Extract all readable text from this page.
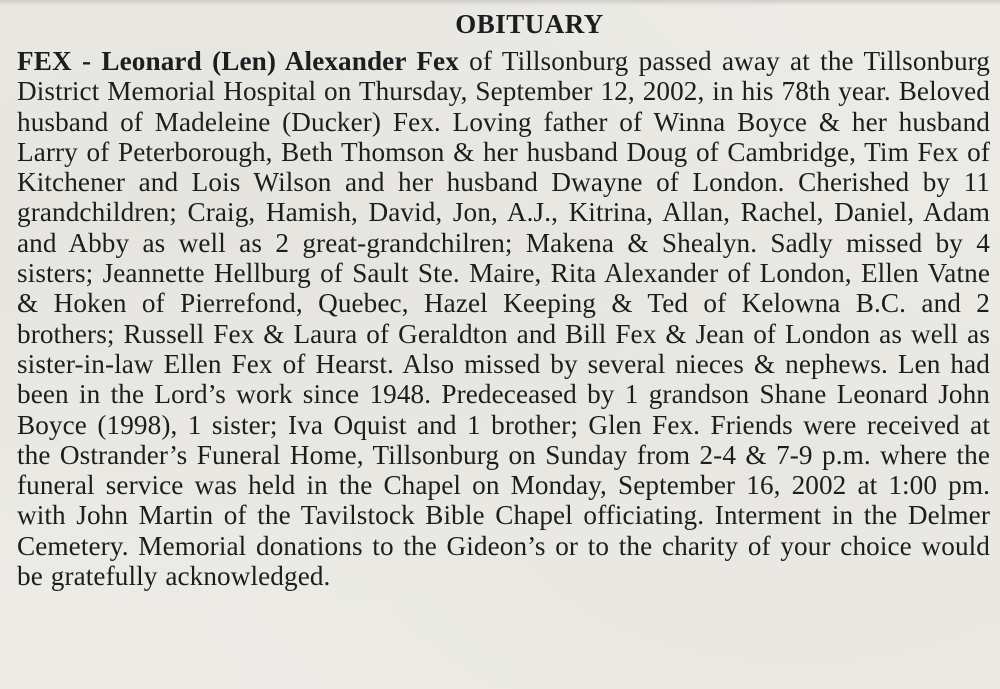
OBITUARY

FEX - Leonard (Len) Alexander Fex of Tillsonburg passed away at the Tillsonburg District Memorial Hospital on Thursday, September 12, 2002, in his 78th year. Beloved husband of Madeleine (Ducker) Fex. Loving father of Winna Boyce & her husband Larry of Peterborough, Beth Thomson & her husband Doug of Cambridge, Tim Fex of Kitchener and Lois Wilson and her husband Dwayne of London. Cherished by 11 grandchildren; Craig, Hamish, David, Jon, A.J., Kitrina, Allan, Rachel, Daniel, Adam and Abby as well as 2 great-grandchilren; Makena & Shealyn. Sadly missed by 4 sisters; Jeannette Hellburg of Sault Ste. Maire, Rita Alexander of London, Ellen Vatne & Hoken of Pierrefond, Quebec, Hazel Keeping & Ted of Kelowna B.C. and 2 brothers; Russell Fex & Laura of Geraldton and Bill Fex & Jean of London as well as sister-in-law Ellen Fex of Hearst. Also missed by several nieces & nephews. Len had been in the Lord’s work since 1948. Predeceased by 1 grandson Shane Leonard John Boyce (1998), 1 sister; Iva Oquist and 1 brother; Glen Fex. Friends were received at the Ostrander’s Funeral Home, Tillsonburg on Sunday from 2-4 & 7-9 p.m. where the funeral service was held in the Chapel on Monday, September 16, 2002 at 1:00 pm. with John Martin of the Tavilstock Bible Chapel officiating. Interment in the Delmer Cemetery. Memorial donations to the Gideon’s or to the charity of your choice would be gratefully acknowledged.
